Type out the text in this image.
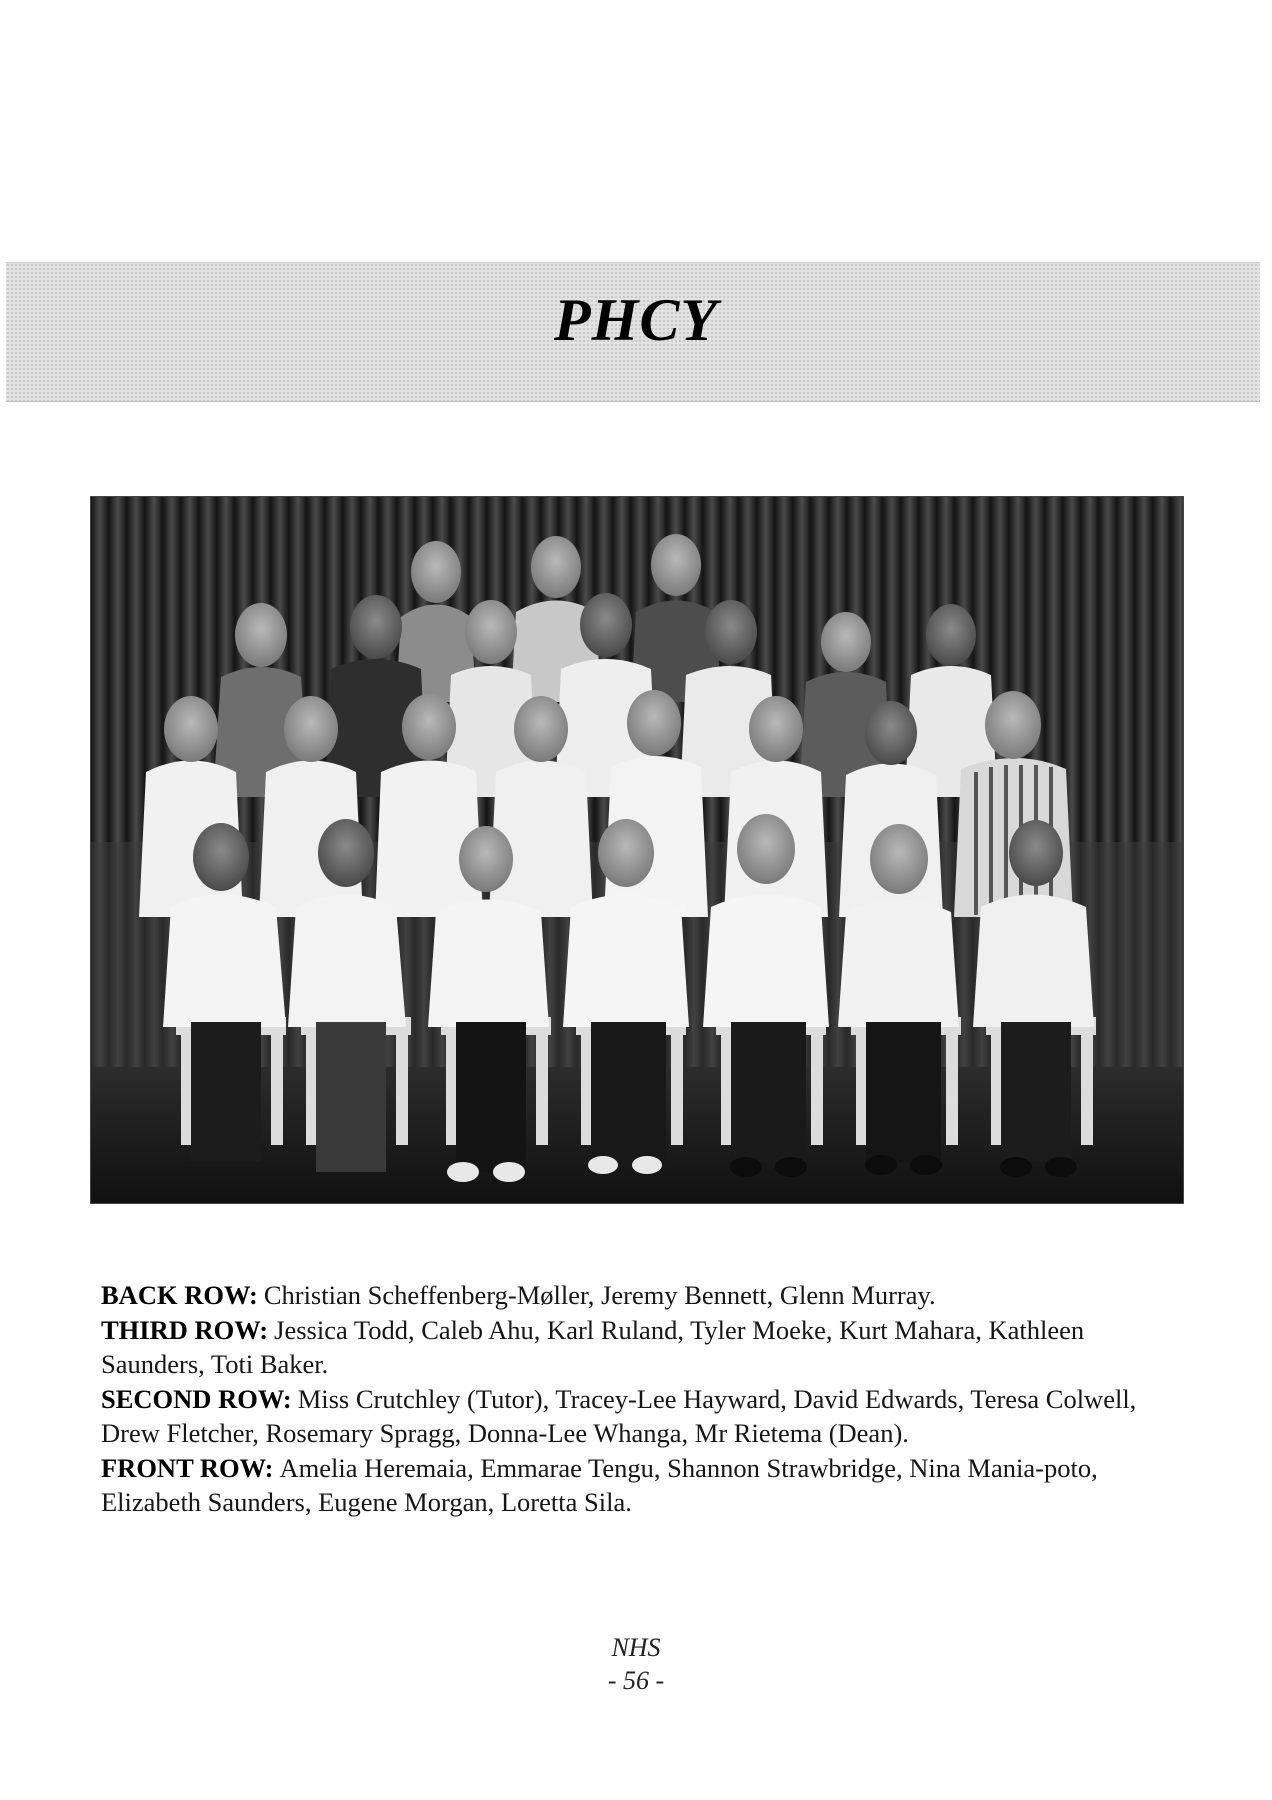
PHCY

BACK ROW: Christian Scheffenberg-Møller, Jeremy Bennett, Glenn Murray.

THIRD ROW: Jessica Todd, Caleb Ahu, Karl Ruland, Tyler Moeke, Kurt Mahara, Kathleen Saunders, Toti Baker.

SECOND ROW: Miss Crutchley (Tutor), Tracey-Lee Hayward, David Edwards, Teresa Colwell, Drew Fletcher, Rosemary Spragg, Donna-Lee Whanga, Mr Rietema (Dean).

FRONT ROW: Amelia Heremaia, Emmarae Tengu, Shannon Strawbridge, Nina Mania-poto, Elizabeth Saunders, Eugene Morgan, Loretta Sila.

NHS
- 56 -
